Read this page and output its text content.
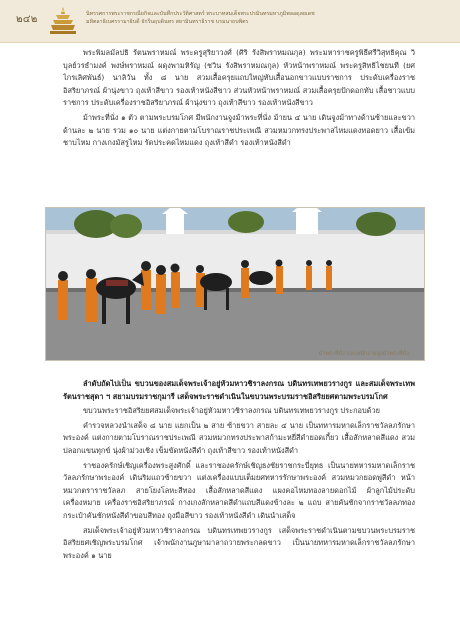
๒๔๒	นิทรรศการพระราชกรณียกิจและบันทึกประวัติศาสตร์ พระบาทสมเด็จพระปรมินทรมหาภูมิพลอดุลยเดช
มหิตลาธิเบศรรามาธิบดี จักรีนฤบดินทร สยามินทราธิราช บรมนาถบพิตร

พระพิมลมัลปธิ รัตนพราหมณ์ พระครูสุริยาวงศ์ (ศิริ รังสิพราหมณกุล) พระมหาราชครูพิธีศรีวิสุทธิคุณ วิบุลย์วรธำมงค์ พงษ์พราหมณ์ ผดุงพามหิรัญ (ชวิน รังสิพราหมณกุล) หัวหน้าพราหมณ์ พระครูสิทธิไชยนที (ยศ ไกรเลิศพันธ์) นาลิวัน ทั้ง ๘ นาย สวมเสื้อครุยแถบใหญ่ทับเสื้อนอกขาวแบบราชการ ประดับเครื่องราชอิสริยาภรณ์ ผ้านุ่งขาว ถุงเท้าสีขาว รองเท้าหนังสีขาว ส่วนหัวหน้าพราหมณ์ สวมเสื้อครุยปักดอกทับ เสื้อชาวแบบราชการ ประดับเครื่องราชอิสริยาภรณ์ ผ้านุ่งขาว ถุงเท้าสีขาว รองเท้าหนังสีขาว

ม้าพระที่นั่ง ๑ ตัว ตามพระบรมโกศ มีพนักงานจูงม้าพระที่นั่ง ม้ายน ๔ นาย เดินจูงม้าทางด้านซ้ายและขวา ด้านละ ๒ นาย รวม ๑๐ นาย แต่งกายตามโบราณราชประเพณี สวมหมวกทรงประพาสไหมแดงทอดยาว เสื้อเข้มชาบไหม กางเกงมัสรูไหม รัดประคดไหมแดง ถุงเท้าสีดำ รองเท้าหนังสีดำ

ม้าพระที่นั่ง และพนักงานจูงม้าพระที่นั่ง

ลำดับถัดไปเป็น ขบวนของสมเด็จพระเจ้าอยู่หัวมหาวชิราลงกรณ บดินทรเทพยวรางกูร และสมเด็จพระเทพรัตนราชสุดา ฯ สยามบรมราชกุมารี เสด็จพระราชดำเนินในขบวนพระบรมราชอิสริยยศตามพระบรมโกศ

ขบวนพระราชอิสริยยศสมเด็จพระเจ้าอยู่หัวมหาวชิราลงกรณ บดินทรเทพยวรางกูร ประกอบด้วย

คำรวจหลวงนำเสด็จ ๘ นาย แยกเป็น ๒ สาย ซ้ายขวา สายละ ๔ นาย เป็นทหารมหาดเล็กราชวัลลภรักษาพระองค์ แต่งกายตามโบราณราชประเพณี สวมหมวกทรงประพาสก้ามะหยี่สีดำยอดเกี้ยว เสื้อสักหลาดสีแดง สวมปลอกแขนทุกข์ นุ่งผ้าม่วงเชิง เข็มขัดหนังสีดำ ถุงเท้าสีขาว รองเท้าหนังสีดำ

ราชองครักษ์เชิญเครื่องพระสูงศักดิ์ และราชองครักษ์เชิญธงชัยราชกระบี่ยุทธ เป็นนายทหารมหาดเล็กราชวัลลภรักษาพระองค์ เดินริมแถวซ้ายขวา แต่งเครื่องแบบเต็มยศทหารรักษาพระองค์ สวมหมวกยอดพู่สีดำ หน้าหมวกตราราชวัลลภ สายโยงโลหะสีทอง เสื้อสักหลาดสีแดง แผงคอไหมทองลายดอกไม้ ผ้าลูกไม้ประดับเครื่องหมาย เครื่องราชอิสริยาภรณ์ กางเกงสักหลาดสีดำแถบสีแดงข้างละ ๒ แถบ สายคันชักจากราชวัลลภทอง กระเป๋าคันชักหนังสีดำขอบสีทอง ถุงมือสีขาว รองเท้าหนังสีดำ เดินนำเสด็จ

สมเด็จพระเจ้าอยู่หัวมหาวชิราลงกรณ บดินทรเทพยวรางกูร เสด็จพระราชดำเนินตามขบวนพระบรมราชอิสริยยศเชิญพระบรมโกศ เจ้าพนักงานภูษามาลาถวายพระกลดขาว เป็นนายทหารมหาดเล็กราชวัลลภรักษาพระองค์ ๑ นาย
